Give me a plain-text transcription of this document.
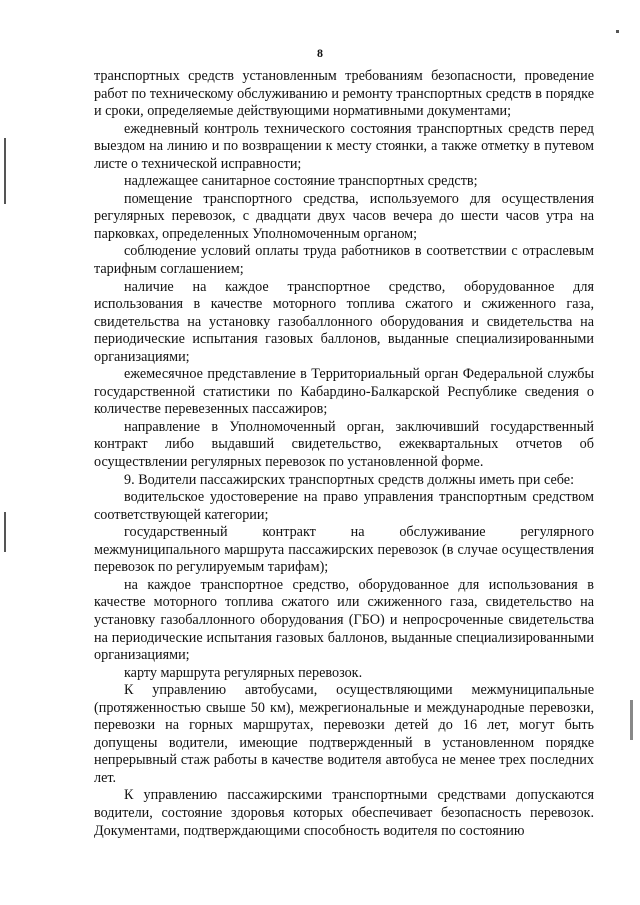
8

транспортных средств установленным требованиям безопасности, проведение работ по техническому обслуживанию и ремонту транспортных средств в порядке и сроки, определяемые действующими нормативными документами;

ежедневный контроль технического состояния транспортных средств перед выездом на линию и по возвращении к месту стоянки, а также отметку в путевом листе о технической исправности;

надлежащее санитарное состояние транспортных средств;

помещение транспортного средства, используемого для осуществления регулярных перевозок, с двадцати двух часов вечера до шести часов утра на парковках, определенных Уполномоченным органом;

соблюдение условий оплаты труда работников в соответствии с отраслевым тарифным соглашением;

наличие на каждое транспортное средство, оборудованное для использования в качестве моторного топлива сжатого и сжиженного газа, свидетельства на установку газобаллонного оборудования и свидетельства на периодические испытания газовых баллонов, выданные специализированными организациями;

ежемесячное представление в Территориальный орган Федеральной службы государственной статистики по Кабардино-Балкарской Республике сведения о количестве перевезенных пассажиров;

направление в Уполномоченный орган, заключивший государственный контракт либо выдавший свидетельство, ежеквартальных отчетов об осуществлении регулярных перевозок по установленной форме.

9. Водители пассажирских транспортных средств должны иметь при себе:

водительское удостоверение на право управления транспортным средством соответствующей категории;

государственный контракт на обслуживание регулярного межмуниципального маршрута пассажирских перевозок (в случае осуществления перевозок по регулируемым тарифам);

на каждое транспортное средство, оборудованное для использования в качестве моторного топлива сжатого или сжиженного газа, свидетельство на установку газобаллонного оборудования (ГБО) и непросроченные свидетельства на периодические испытания газовых баллонов, выданные специализированными организациями;

карту маршрута регулярных перевозок.

К управлению автобусами, осуществляющими межмуниципальные (протяженностью свыше 50 км), межрегиональные и международные перевозки, перевозки на горных маршрутах, перевозки детей до 16 лет, могут быть допущены водители, имеющие подтвержденный в установленном порядке непрерывный стаж работы в качестве водителя автобуса не менее трех последних лет.

К управлению пассажирскими транспортными средствами допускаются водители, состояние здоровья которых обеспечивает безопасность перевозок. Документами, подтверждающими способность водителя по состоянию
